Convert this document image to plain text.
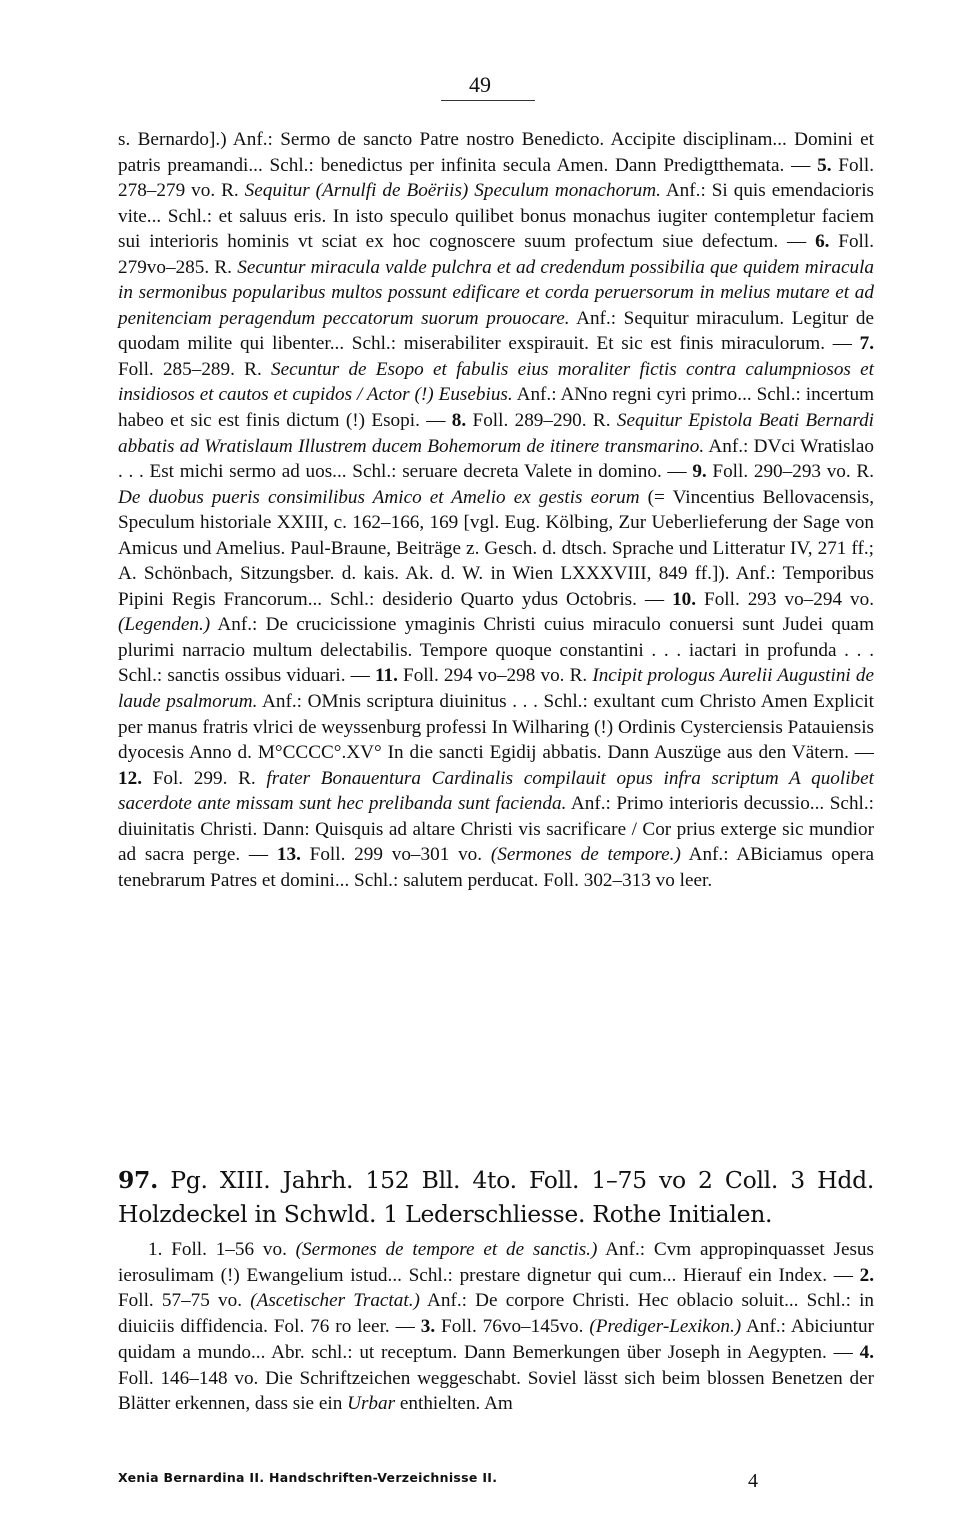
49

s. Bernardo].) Anf.: Sermo de sancto Patre nostro Benedicto. Accipite disciplinam... Domini et patris preamandi... Schl.: benedictus per infinita secula Amen. Dann Predigtthemata. — 5. Foll. 278–279 vo. R. Sequitur (Arnulfi de Boëriis) Speculum monachorum. Anf.: Si quis emendacioris vite... Schl.: et saluus eris. In isto speculo quilibet bonus monachus iugiter contempletur faciem sui interioris hominis vt sciat ex hoc cognoscere suum profectum siue defectum. — 6. Foll. 279vo–285. R. Secuntur miracula valde pulchra et ad credendum possibilia que quidem miracula in sermonibus popularibus multos possunt edificare et corda peruersorum in melius mutare et ad penitenciam peragendum peccatorum suorum prouocare. Anf.: Sequitur miraculum. Legitur de quodam milite qui libenter... Schl.: miserabiliter exspirauit. Et sic est finis miraculorum. — 7. Foll. 285–289. R. Secuntur de Esopo et fabulis eius moraliter fictis contra calumpniosos et insidiosos et cautos et cupidos / Actor (!) Eusebius. Anf.: ANno regni cyri primo... Schl.: incertum habeo et sic est finis dictum (!) Esopi. — 8. Foll. 289–290. R. Sequitur Epistola Beati Bernardi abbatis ad Wratislaum Illustrem ducem Bohemorum de itinere transmarino. Anf.: DVci Wratislao . . . Est michi sermo ad uos... Schl.: seruare decreta Valete in domino. — 9. Foll. 290–293 vo. R. De duobus pueris consimilibus Amico et Amelio ex gestis eorum (= Vincentius Bellovacensis, Speculum historiale XXIII, c. 162–166, 169 [vgl. Eug. Kölbing, Zur Ueberlieferung der Sage von Amicus und Amelius. Paul-Braune, Beiträge z. Gesch. d. dtsch. Sprache und Litteratur IV, 271 ff.; A. Schönbach, Sitzungsber. d. kais. Ak. d. W. in Wien LXXXVIII, 849 ff.]). Anf.: Temporibus Pipini Regis Francorum... Schl.: desiderio Quarto ydus Octobris. — 10. Foll. 293 vo–294 vo. (Legenden.) Anf.: De crucicissione ymaginis Christi cuius miraculo conuersi sunt Judei quam plurimi narracio multum delectabilis. Tempore quoque constantini . . . iactari in profunda . . . Schl.: sanctis ossibus viduari. — 11. Foll. 294 vo–298 vo. R. Incipit prologus Aurelii Augustini de laude psalmorum. Anf.: OMnis scriptura diuinitus . . . Schl.: exultant cum Christo Amen Explicit per manus fratris vlrici de weyssenburg professi In Wilharing (!) Ordinis Cysterciensis Patauiensis dyocesis Anno d. M°CCCC°.XV° In die sancti Egidij abbatis. Dann Auszüge aus den Vätern. — 12. Fol. 299. R. frater Bonauentura Cardinalis compilauit opus infra scriptum A quolibet sacerdote ante missam sunt hec prelibanda sunt facienda. Anf.: Primo interioris decussio... Schl.: diuinitatis Christi. Dann: Quisquis ad altare Christi vis sacrificare / Cor prius exterge sic mundior ad sacra perge. — 13. Foll. 299 vo–301 vo. (Sermones de tempore.) Anf.: ABiciamus opera tenebrarum Patres et domini... Schl.: salutem perducat. Foll. 302–313 vo leer.

97. Pg. XIII. Jahrh. 152 Bll. 4to. Foll. 1–75 vo 2 Coll. 3 Hdd. Holzdeckel in Schwld. 1 Lederschliesse. Rothe Initialen.

1. Foll. 1–56 vo. (Sermones de tempore et de sanctis.) Anf.: Cvm appropinquasset Jesus ierosulimam (!) Ewangelium istud... Schl.: prestare dignetur qui cum... Hierauf ein Index. — 2. Foll. 57–75 vo. (Ascetischer Tractat.) Anf.: De corpore Christi. Hec oblacio soluit... Schl.: in diuiciis diffidencia. Fol. 76 ro leer. — 3. Foll. 76vo–145vo. (Prediger-Lexikon.) Anf.: Abiciuntur quidam a mundo... Abr. schl.: ut receptum. Dann Bemerkungen über Joseph in Aegypten. — 4. Foll. 146–148 vo. Die Schriftzeichen weggeschabt. Soviel lässt sich beim blossen Benetzen der Blätter erkennen, dass sie ein Urbar enthielten. Am

Xenia Bernardina II. Handschriften-Verzeichnisse II.	4
